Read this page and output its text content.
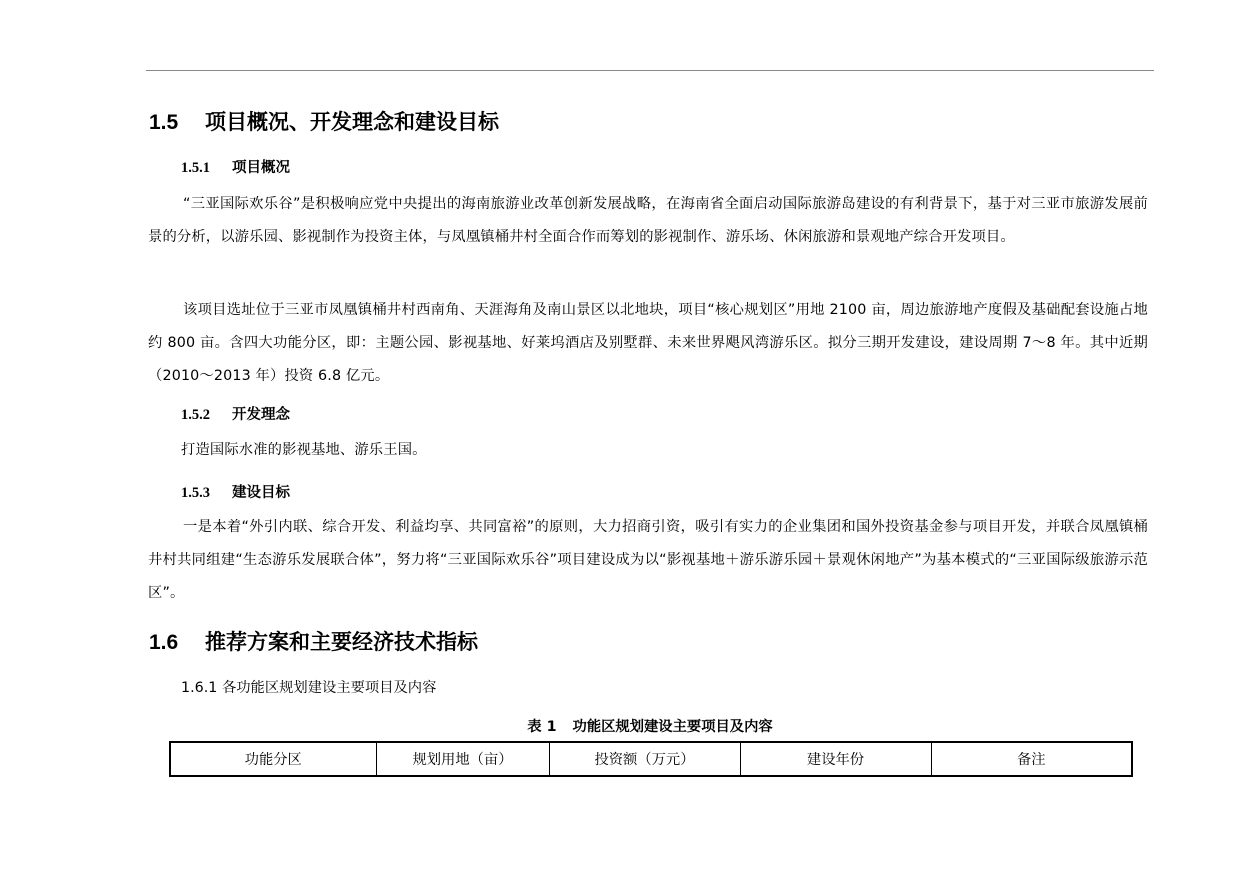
1.5 项目概况、开发理念和建设目标
1.5.1 项目概况
“三亚国际欢乐谷”是积极响应党中央提出的海南旅游业改革创新发展战略，在海南省全面启动国际旅游岛建设的有利背景下，基于对三亚市旅游发展前景的分析，以游乐园、影视制作为投资主体，与凤凰镇桶井村全面合作而筹划的影视制作、游乐场、休闲旅游和景观地产综合开发项目。
该项目选址位于三亚市凤凰镇桶井村西南角、天涯海角及南山景区以北地块，项目“核心规划区”用地 2100 亩，周边旅游地产度假及基础配套设施占地约 800 亩。含四大功能分区，即：主题公园、影视基地、好莱坞酒店及别墅群、未来世界飓风湾游乐区。拟分三期开发建设，建设周期 7～8 年。其中近期（2010～2013 年）投资 6.8 亿元。
1.5.2 开发理念
打造国际水准的影视基地、游乐王国。
1.5.3 建设目标
一是本着“外引内联、综合开发、利益均享、共同富裕”的原则，大力招商引资，吸引有实力的企业集团和国外投资基金参与项目开发，并联合凤凰镇桶井村共同组建“生态游乐发展联合体”，努力将“三亚国际欢乐谷”项目建设成为以“影视基地＋游乐游乐园＋景观休闲地产”为基本模式的“三亚国际级旅游示范区”。
1.6 推荐方案和主要经济技术指标
1.6.1 各功能区规划建设主要项目及内容
表 1 功能区规划建设主要项目及内容
功能分区	规划用地（亩）	投资额（万元）	建设年份	备注
